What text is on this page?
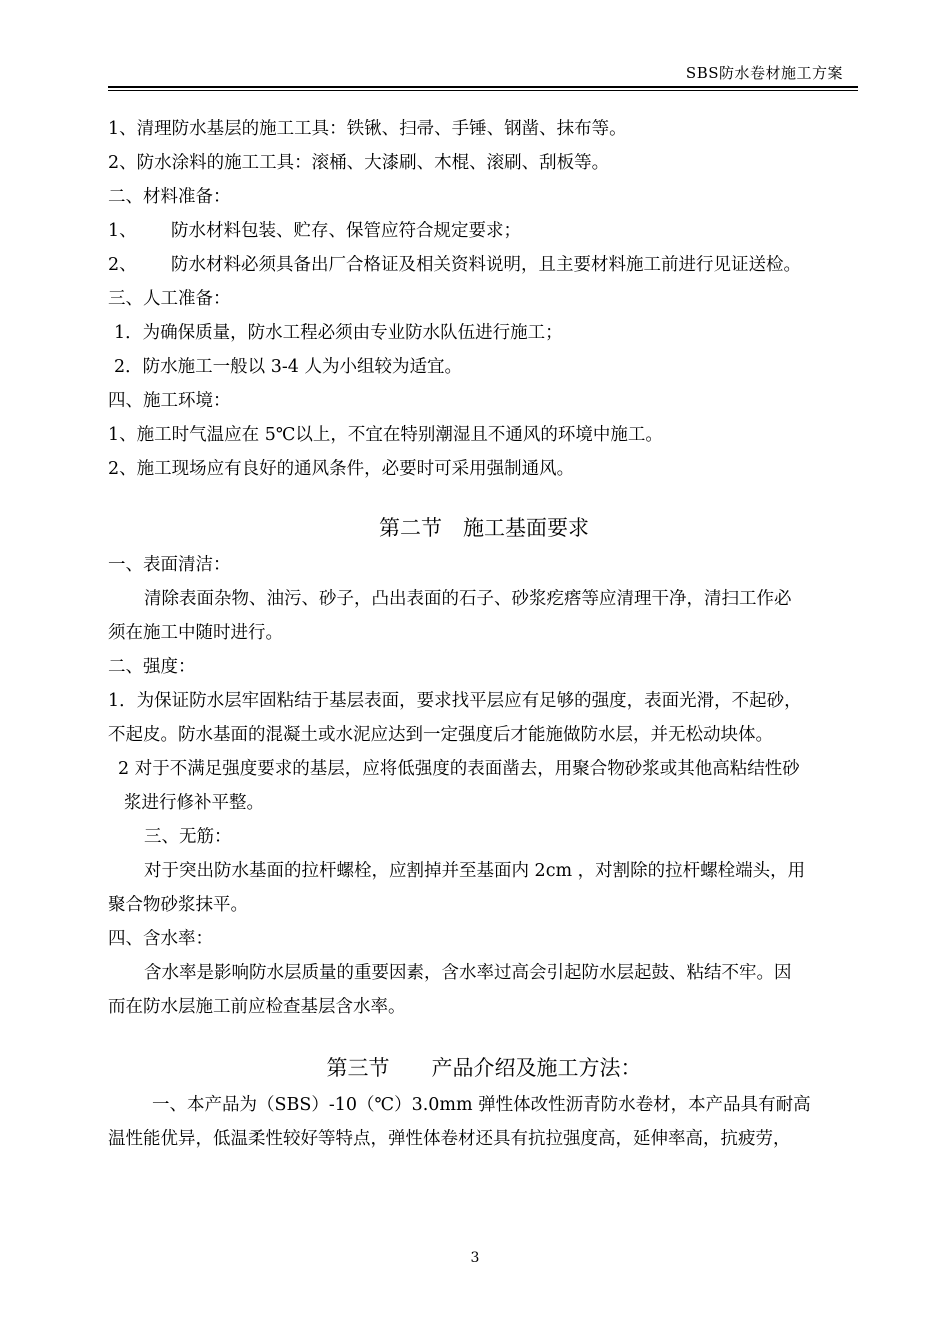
SBS防水卷材施工方案
1、清理防水基层的施工工具：铁锹、扫帚、手锤、钢凿、抹布等。
2、防水涂料的施工工具：滚桶、大漆刷、木棍、滚刷、刮板等。
二、材料准备：
1、 防水材料包装、贮存、保管应符合规定要求；
2、 防水材料必须具备出厂合格证及相关资料说明，且主要材料施工前进行见证送检。
三、人工准备：
1．为确保质量，防水工程必须由专业防水队伍进行施工；
2．防水施工一般以 3-4 人为小组较为适宜。
四、施工环境：
1、施工时气温应在 5℃以上，不宜在特别潮湿且不通风的环境中施工。
2、施工现场应有良好的通风条件，必要时可采用强制通风。
第二节　施工基面要求
一、表面清洁：
清除表面杂物、油污、砂子，凸出表面的石子、砂浆疙瘩等应清理干净，清扫工作必
须在施工中随时进行。
二、强度：
1．为保证防水层牢固粘结于基层表面，要求找平层应有足够的强度，表面光滑，不起砂，
不起皮。防水基面的混凝土或水泥应达到一定强度后才能施做防水层，并无松动块体。
2 对于不满足强度要求的基层，应将低强度的表面凿去，用聚合物砂浆或其他高粘结性砂
浆进行修补平整。
三、无筋：
对于突出防水基面的拉杆螺栓，应割掉并至基面内 2cm ，对割除的拉杆螺栓端头，用
聚合物砂浆抹平。
四、含水率：
含水率是影响防水层质量的重要因素，含水率过高会引起防水层起鼓、粘结不牢。因
而在防水层施工前应检查基层含水率。
第三节　　产品介绍及施工方法：
一、本产品为（SBS）-10（℃）3.0mm 弹性体改性沥青防水卷材，本产品具有耐高
温性能优异，低温柔性较好等特点，弹性体卷材还具有抗拉强度高，延伸率高，抗疲劳，
3
